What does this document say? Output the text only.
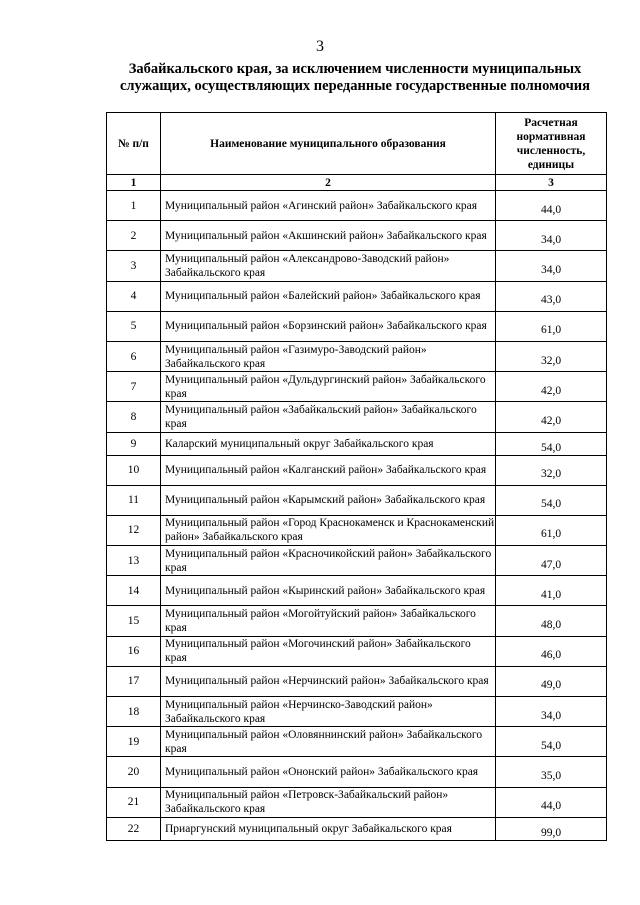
3
Забайкальского края, за исключением численности муниципальных
служащих, осуществляющих переданные государственные полномочия
№ п/п	Наименование муниципального образования	Расчетная нормативная численность, единицы
1	2	3
1	Муниципальный район «Агинский район» Забайкальского края	44,0
2	Муниципальный район «Акшинский район» Забайкальского края	34,0
3	Муниципальный район «Александрово-Заводский район» Забайкальского края	34,0
4	Муниципальный район «Балейский район» Забайкальского края	43,0
5	Муниципальный район «Борзинский район» Забайкальского края	61,0
6	Муниципальный район «Газимуро-Заводский район» Забайкальского края	32,0
7	Муниципальный район «Дульдургинский район» Забайкальского края	42,0
8	Муниципальный район «Забайкальский район» Забайкальского края	42,0
9	Каларский муниципальный округ Забайкальского края	54,0
10	Муниципальный район «Калганский район» Забайкальского края	32,0
11	Муниципальный район «Карымский район» Забайкальского края	54,0
12	Муниципальный район «Город Краснокаменск и Краснокаменский район» Забайкальского края	61,0
13	Муниципальный район «Красночикойский район» Забайкальского края	47,0
14	Муниципальный район «Кыринский район» Забайкальского края	41,0
15	Муниципальный район «Могойтуйский район» Забайкальского края	48,0
16	Муниципальный район «Могочинский район» Забайкальского края	46,0
17	Муниципальный район «Нерчинский район» Забайкальского края	49,0
18	Муниципальный район «Нерчинско-Заводский район» Забайкальского края	34,0
19	Муниципальный район «Оловяннинский район» Забайкальского края	54,0
20	Муниципальный район «Ононский район» Забайкальского края	35,0
21	Муниципальный район «Петровск-Забайкальский район» Забайкальского края	44,0
22	Приаргунский муниципальный округ Забайкальского края	99,0
